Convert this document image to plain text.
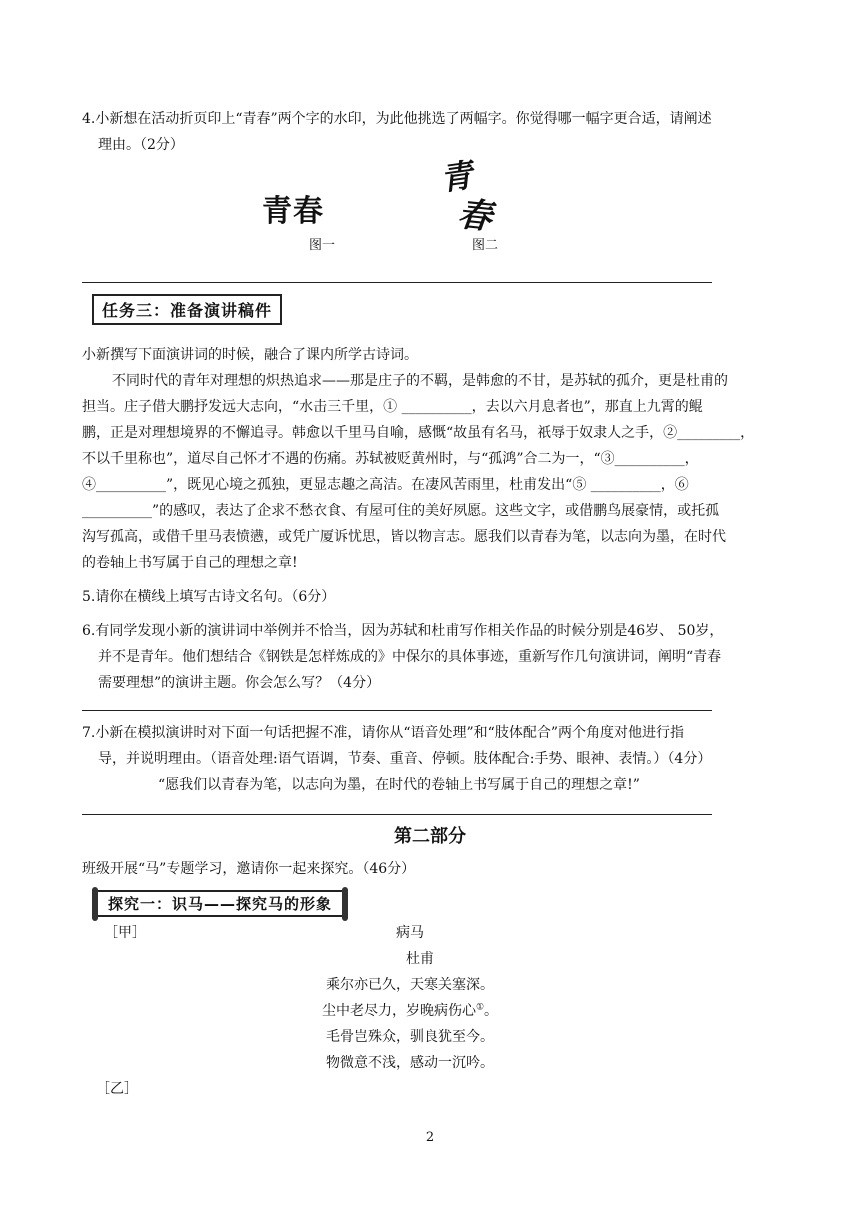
4.小新想在活动折页印上“青春”两个字的水印，为此他挑选了两幅字。你觉得哪一幅字更合适，请阐述
理由。（2分）
青春
青
春
图一	图二
任务三：准备演讲稿件
小新撰写下面演讲词的时候，融合了课内所学古诗词。
不同时代的青年对理想的炽热追求——那是庄子的不羁，是韩愈的不甘，是苏轼的孤介，更是杜甫的
担当。庄子借大鹏抒发远大志向，“水击三千里，① __________，去以六月息者也”，那直上九霄的鲲
鹏，正是对理想境界的不懈追寻。韩愈以千里马自喻，感慨“故虽有名马，祇辱于奴隶人之手，②_________，
不以千里称也”，道尽自己怀才不遇的伤痛。苏轼被贬黄州时，与“孤鸿”合二为一，“③__________，
④__________”，既见心境之孤独，更显志趣之高洁。在凄风苦雨里，杜甫发出“⑤ __________，⑥
__________”的感叹，表达了企求不愁衣食、有屋可住的美好夙愿。这些文字，或借鹏鸟展豪情，或托孤
沟写孤高，或借千里马表愤懑，或凭广厦诉忧思，皆以物言志。愿我们以青春为笔，以志向为墨，在时代
的卷轴上书写属于自己的理想之章!
5.请你在横线上填写古诗文名句。（6分）
6.有同学发现小新的演讲词中举例并不恰当，因为苏轼和杜甫写作相关作品的时候分别是46岁、 50岁，
并不是青年。他们想结合《钢铁是怎样炼成的》中保尔的具体事迹，重新写作几句演讲词，阐明“青春
需要理想”的演讲主题。你会怎么写？（4分）
7.小新在模拟演讲时对下面一句话把握不准，请你从“语音处理”和“肢体配合”两个角度对他进行指
导，并说明理由。（语音处理:语气语调，节奏、重音、停顿。肢体配合:手势、眼神、表情。）（4分）
“愿我们以青春为笔，以志向为墨，在时代的卷轴上书写属于自己的理想之章!”
第二部分
班级开展“马”专题学习，邀请你一起来探究。（46分）
探究一：识马——探究马的形象
［甲］	病马
杜甫
乘尔亦已久，天寒关塞深。
尘中老尽力，岁晚病伤心①。
毛骨岂殊众，驯良犹至今。
物微意不浅，感动一沉吟。
［乙］
2
